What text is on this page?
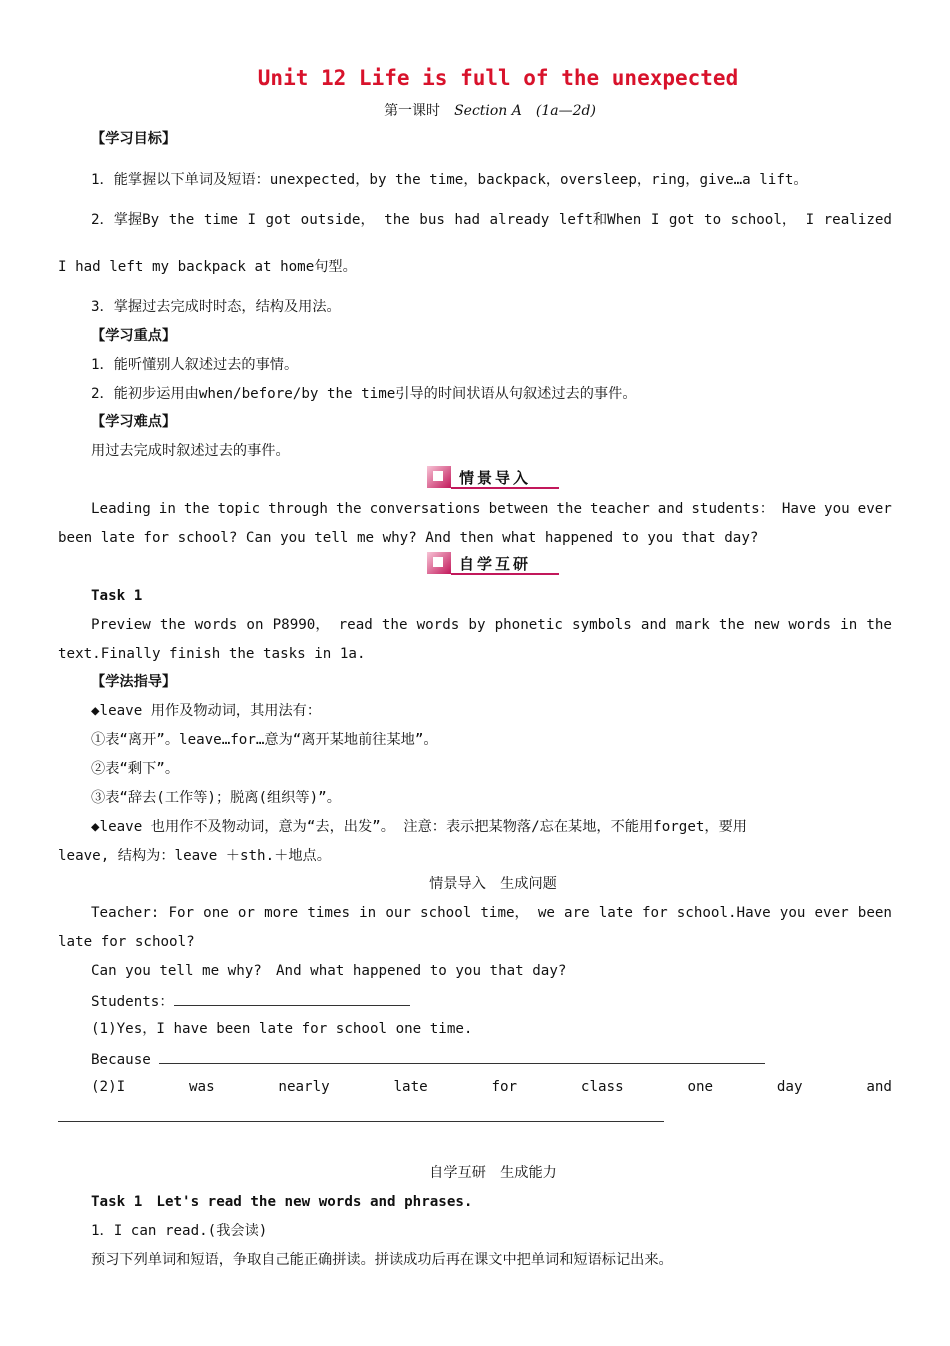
Unit 12 Life is full of the unexpected
第一课时 Section A (1a—2d)
【学习目标】
1．能掌握以下单词及短语：unexpected，by the time，backpack，oversleep，ring，give…a lift。
2．掌握By the time I got outside， the bus had already left和When I got to school， I realized
I had left my backpack at home句型。
3．掌握过去完成时时态，结构及用法。
【学习重点】
1．能听懂别人叙述过去的事情。
2．能初步运用由when/before/by the time引导的时间状语从句叙述过去的事件。
【学习难点】
用过去完成时叙述过去的事件。
情景导入
Leading in the topic through the conversations between the teacher and students： Have you ever
been late for school? Can you tell me why? And then what happened to you that day?
自学互研
Task 1
Preview the words on P8990， read the words by phonetic symbols and mark the new words in the
text.Finally finish the tasks in 1a.
【学法指导】
◆leave 用作及物动词，其用法有：
①表“离开”。leave…for…意为“离开某地前往某地”。
②表“剩下”。
③表“辞去(工作等)；脱离(组织等)”。
◆leave 也用作不及物动词，意为“去，出发”。 注意：表示把某物落/忘在某地，不能用forget，要用
leave, 结构为：leave ＋sth.＋地点。
情景导入　生成问题
Teacher: For one or more times in our school time， we are late for school.Have you ever been
late for school?
Can you tell me why?　And what happened to you that day?
Students：
(1)Yes，I have been late for school one time.
Because
(2)I	was	nearly	late	for	class	one	day	and
自学互研　生成能力
Task 1　Let's read the new words and phrases.
1．I can read.(我会读)
预习下列单词和短语，争取自己能正确拼读。拼读成功后再在课文中把单词和短语标记出来。
